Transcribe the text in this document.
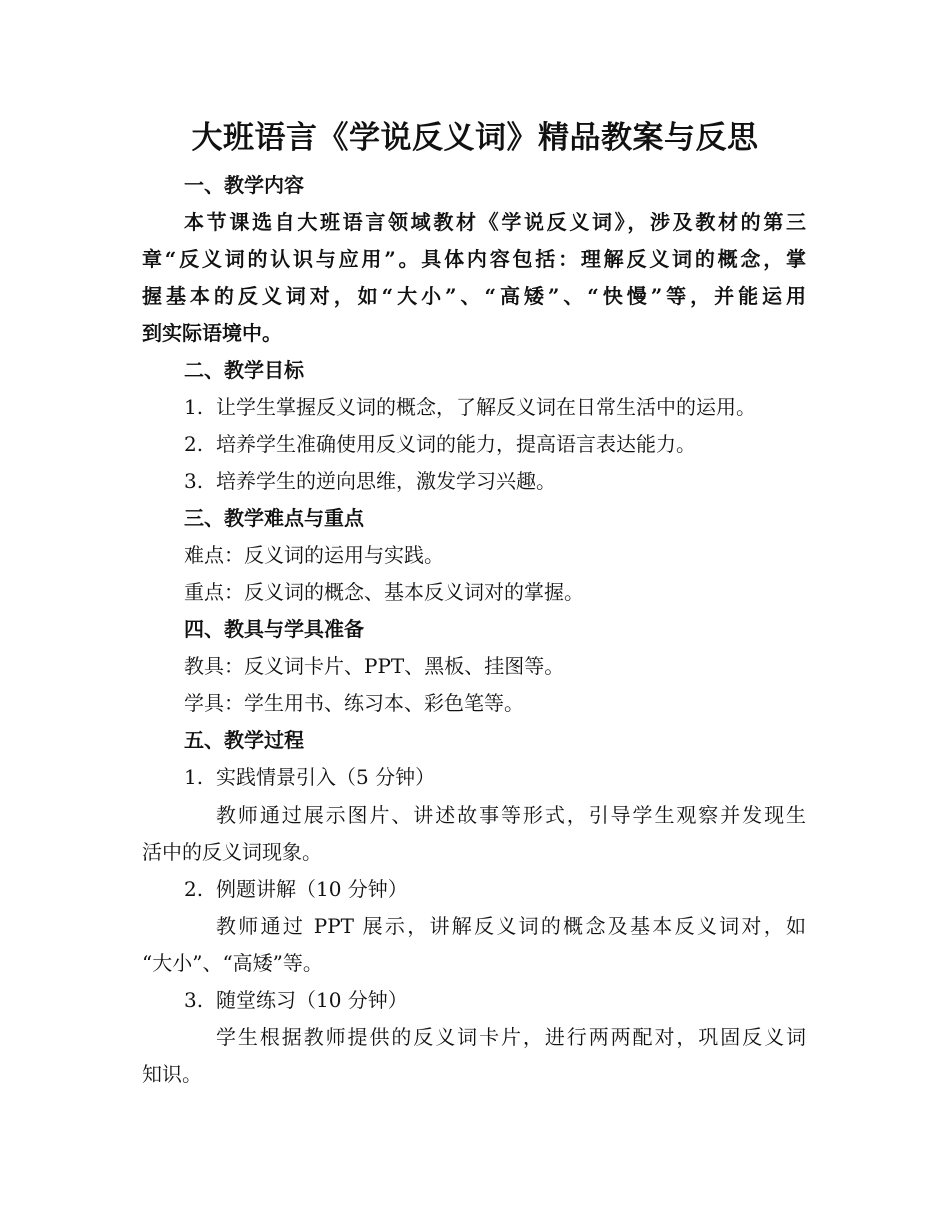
大班语言《学说反义词》精品教案与反思
一、教学内容
本节课选自大班语言领域教材《学说反义词》，涉及教材的第三
章“反义词的认识与应用”。具体内容包括：理解反义词的概念，掌
握基本的反义词对，如“大小”、“高矮”、“快慢”等，并能运用
到实际语境中。
二、教学目标
1. 让学生掌握反义词的概念，了解反义词在日常生活中的运用。
2. 培养学生准确使用反义词的能力，提高语言表达能力。
3. 培养学生的逆向思维，激发学习兴趣。
三、教学难点与重点
难点：反义词的运用与实践。
重点：反义词的概念、基本反义词对的掌握。
四、教具与学具准备
教具：反义词卡片、PPT、黑板、挂图等。
学具：学生用书、练习本、彩色笔等。
五、教学过程
1. 实践情景引入（5 分钟）
教师通过展示图片、讲述故事等形式，引导学生观察并发现生
活中的反义词现象。
2. 例题讲解（10 分钟）
教师通过 PPT 展示，讲解反义词的概念及基本反义词对，如
“大小”、“高矮”等。
3. 随堂练习（10 分钟）
学生根据教师提供的反义词卡片，进行两两配对，巩固反义词
知识。
